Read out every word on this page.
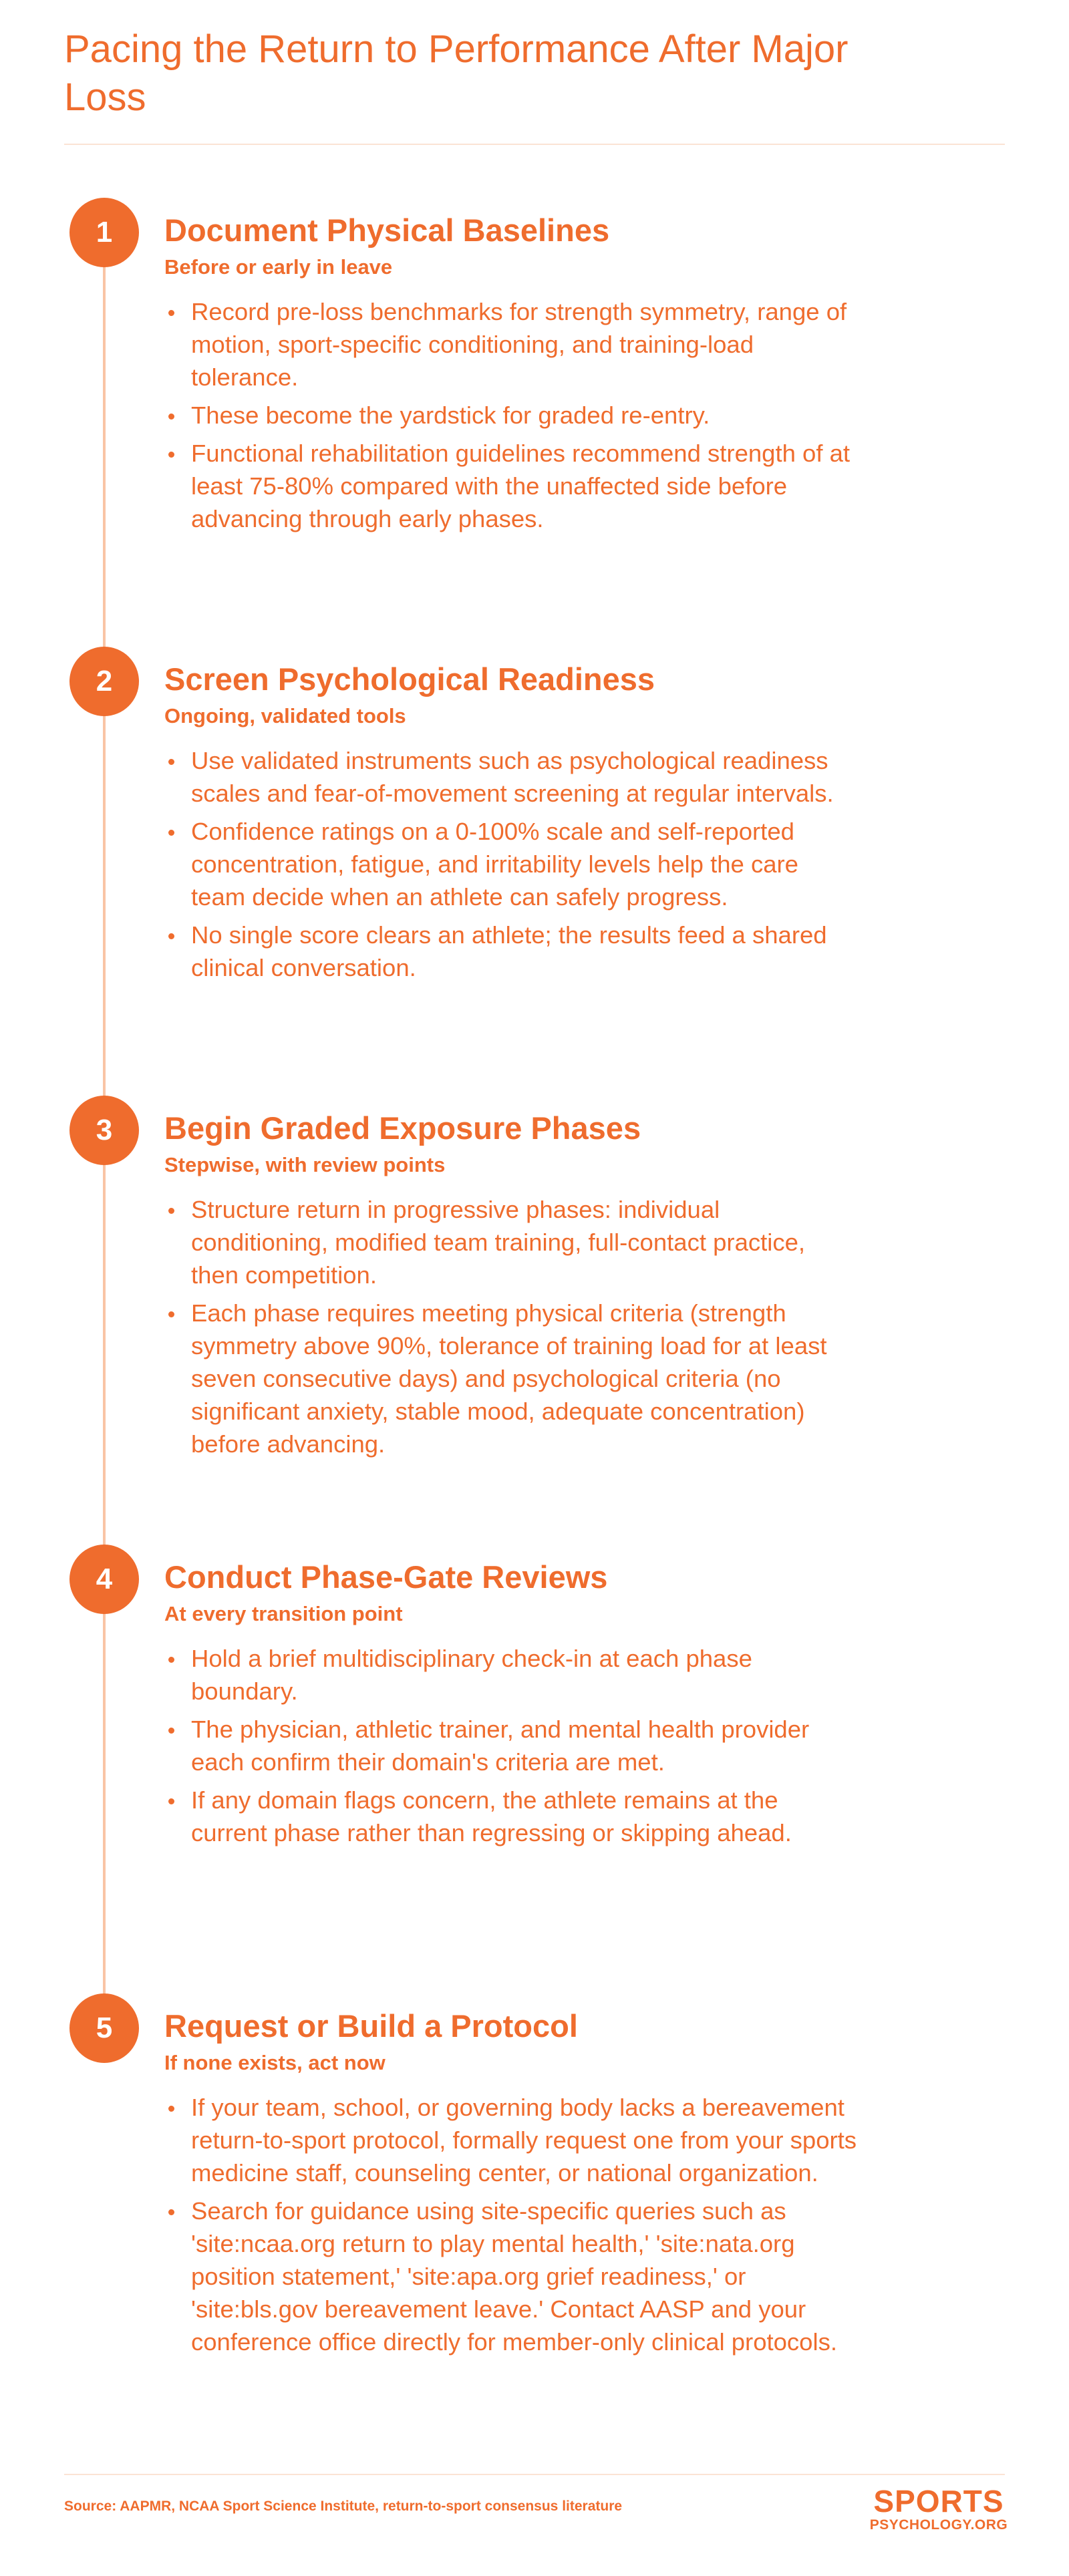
Pacing the Return to Performance After Major Loss
1	Document Physical Baselines

Before or early in leave

Record pre-loss benchmarks for strength symmetry, range of motion, sport-specific conditioning, and training-load tolerance.
These become the yardstick for graded re-entry.
Functional rehabilitation guidelines recommend strength of at least 75-80% compared with the unaffected side before advancing through early phases.
2	Screen Psychological Readiness

Ongoing, validated tools

Use validated instruments such as psychological readiness scales and fear-of-movement screening at regular intervals.
Confidence ratings on a 0-100% scale and self-reported concentration, fatigue, and irritability levels help the care team decide when an athlete can safely progress.
No single score clears an athlete; the results feed a shared clinical conversation.
3	Begin Graded Exposure Phases

Stepwise, with review points

Structure return in progressive phases: individual conditioning, modified team training, full-contact practice, then competition.
Each phase requires meeting physical criteria (strength symmetry above 90%, tolerance of training load for at least seven consecutive days) and psychological criteria (no significant anxiety, stable mood, adequate concentration) before advancing.
4	Conduct Phase-Gate Reviews

At every transition point

Hold a brief multidisciplinary check-in at each phase boundary.
The physician, athletic trainer, and mental health provider each confirm their domain's criteria are met.
If any domain flags concern, the athlete remains at the current phase rather than regressing or skipping ahead.
5	Request or Build a Protocol

If none exists, act now

If your team, school, or governing body lacks a bereavement return-to-sport protocol, formally request one from your sports medicine staff, counseling center, or national organization.
Search for guidance using site-specific queries such as 'site:ncaa.org return to play mental health,' 'site:nata.org position statement,' 'site:apa.org grief readiness,' or 'site:bls.gov bereavement leave.' Contact AASP and your conference office directly for member-only clinical protocols.

Source: AAPMR, NCAA Sport Science Institute, return-to-sport consensus literature	SPORTS
PSYCHOLOGY.ORG
